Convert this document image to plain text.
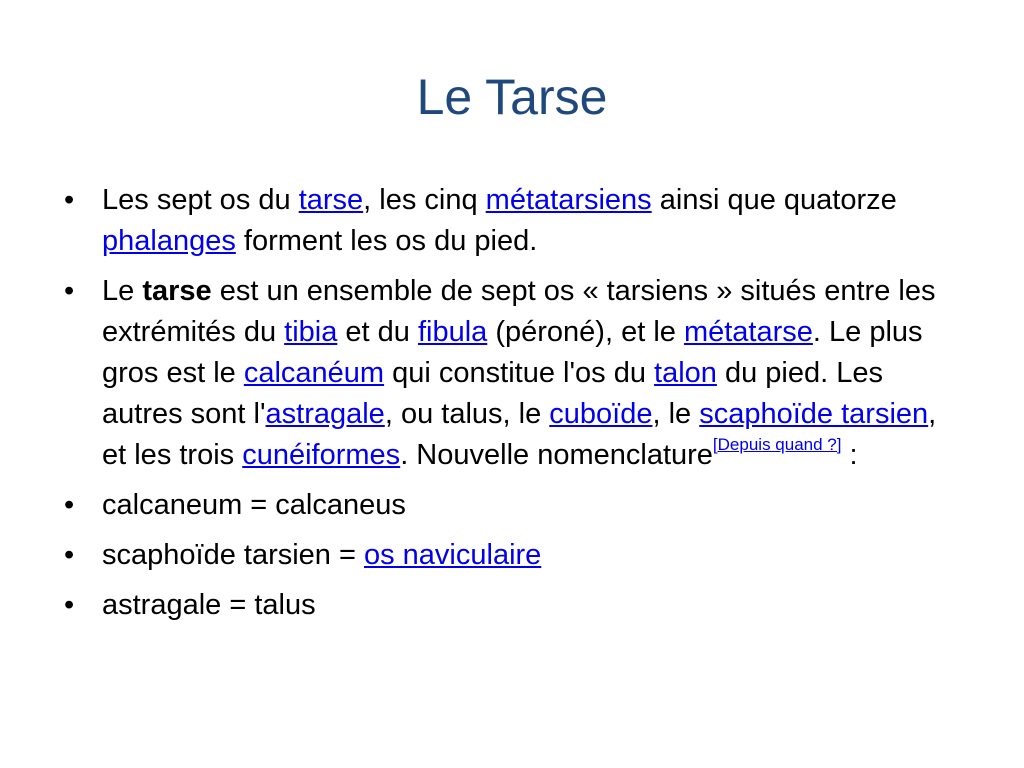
Le Tarse
• Les sept os du tarse, les cinq métatarsiens ainsi que quatorze phalanges forment les os du pied.
• Le tarse est un ensemble de sept os « tarsiens » situés entre les extrémités du tibia et du fibula (péroné), et le métatarse. Le plus gros est le calcanéum qui constitue l'os du talon du pied. Les autres sont l'astragale, ou talus, le cuboïde, le scaphoïde tarsien, et les trois cunéiformes. Nouvelle nomenclature[Depuis quand ?] :
• calcaneum = calcaneus
• scaphoïde tarsien = os naviculaire
• astragale = talus
